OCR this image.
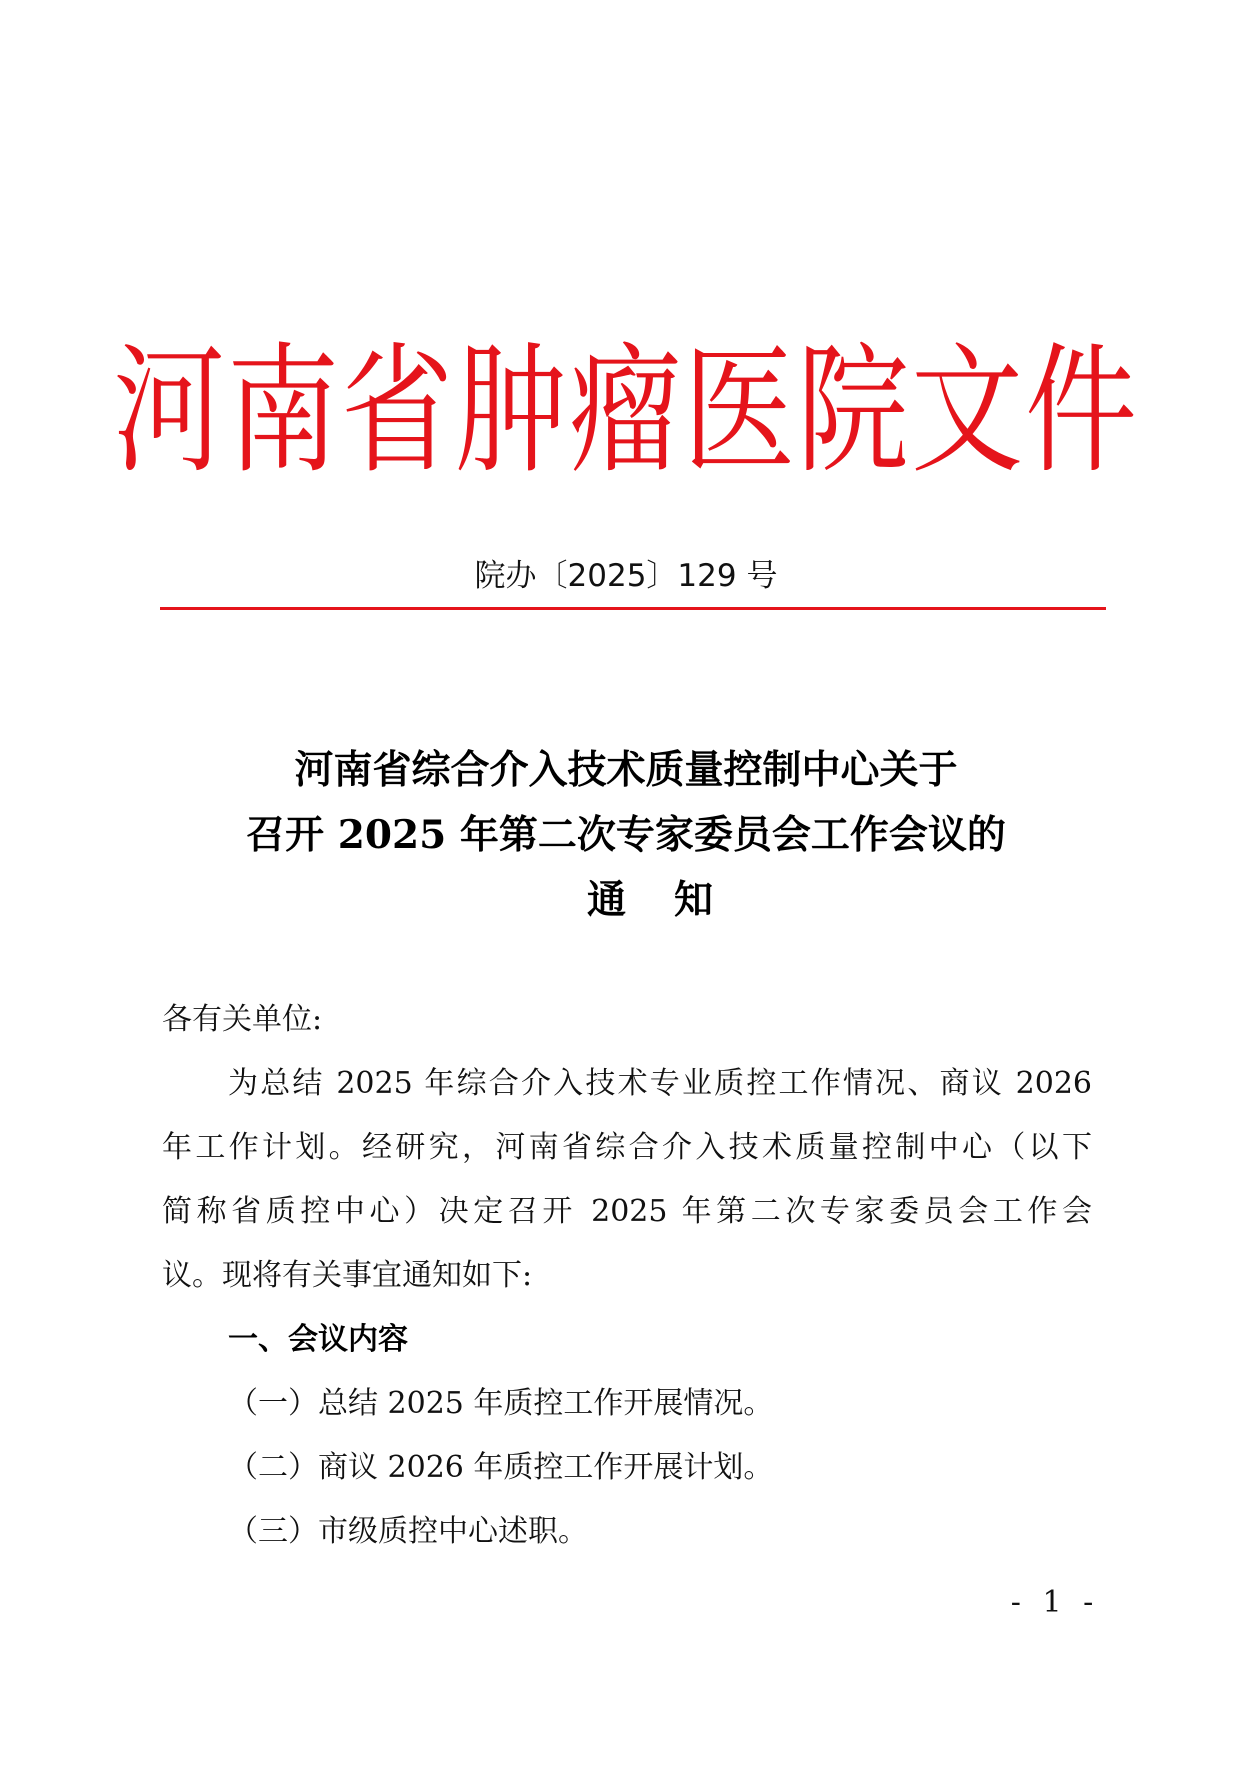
河南省肿瘤医院文件
院办〔2025〕129 号
河南省综合介入技术质量控制中心关于
召开 2025 年第二次专家委员会工作会议的
通知
各有关单位:
为总结 2025 年综合介入技术专业质控工作情况、商议 2026
年工作计划。经研究，河南省综合介入技术质量控制中心（以下
简称省质控中心）决定召开 2025 年第二次专家委员会工作会
议。现将有关事宜通知如下:
一、会议内容
（一）总结 2025 年质控工作开展情况。
（二）商议 2026 年质控工作开展计划。
（三）市级质控中心述职。
- 1 -
